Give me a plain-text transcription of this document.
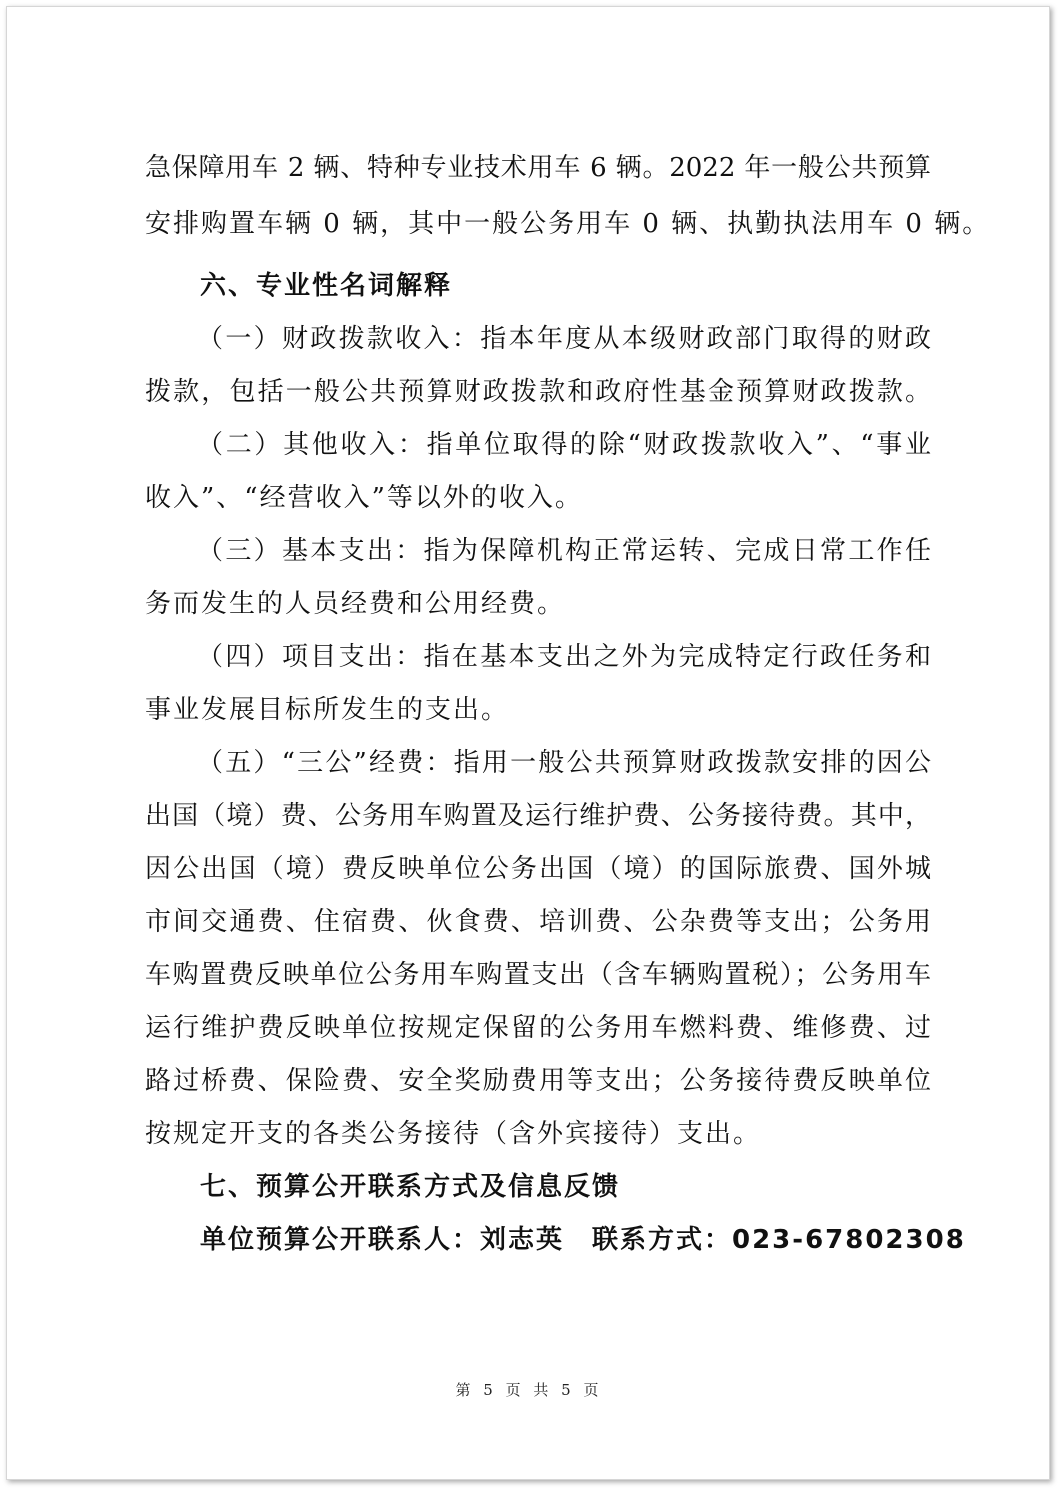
急保障用车 2 辆、特种专业技术用车 6 辆。2022 年一般公共预算
安排购置车辆 0 辆，其中一般公务用车 0 辆、执勤执法用车 0 辆。
六、专业性名词解释
（一）财政拨款收入：指本年度从本级财政部门取得的财政
拨款，包括一般公共预算财政拨款和政府性基金预算财政拨款。
（二）其他收入：指单位取得的除“财政拨款收入”、“事业
收入”、“经营收入”等以外的收入。
（三）基本支出：指为保障机构正常运转、完成日常工作任
务而发生的人员经费和公用经费。
（四）项目支出：指在基本支出之外为完成特定行政任务和
事业发展目标所发生的支出。
（五）“三公”经费：指用一般公共预算财政拨款安排的因公
出国（境）费、公务用车购置及运行维护费、公务接待费。其中，
因公出国（境）费反映单位公务出国（境）的国际旅费、国外城
市间交通费、住宿费、伙食费、培训费、公杂费等支出；公务用
车购置费反映单位公务用车购置支出（含车辆购置税）；公务用车
运行维护费反映单位按规定保留的公务用车燃料费、维修费、过
路过桥费、保险费、安全奖励费用等支出；公务接待费反映单位
按规定开支的各类公务接待（含外宾接待）支出。
七、预算公开联系方式及信息反馈
单位预算公开联系人：刘志英　联系方式：023-67802308
第 5 页 共 5 页
